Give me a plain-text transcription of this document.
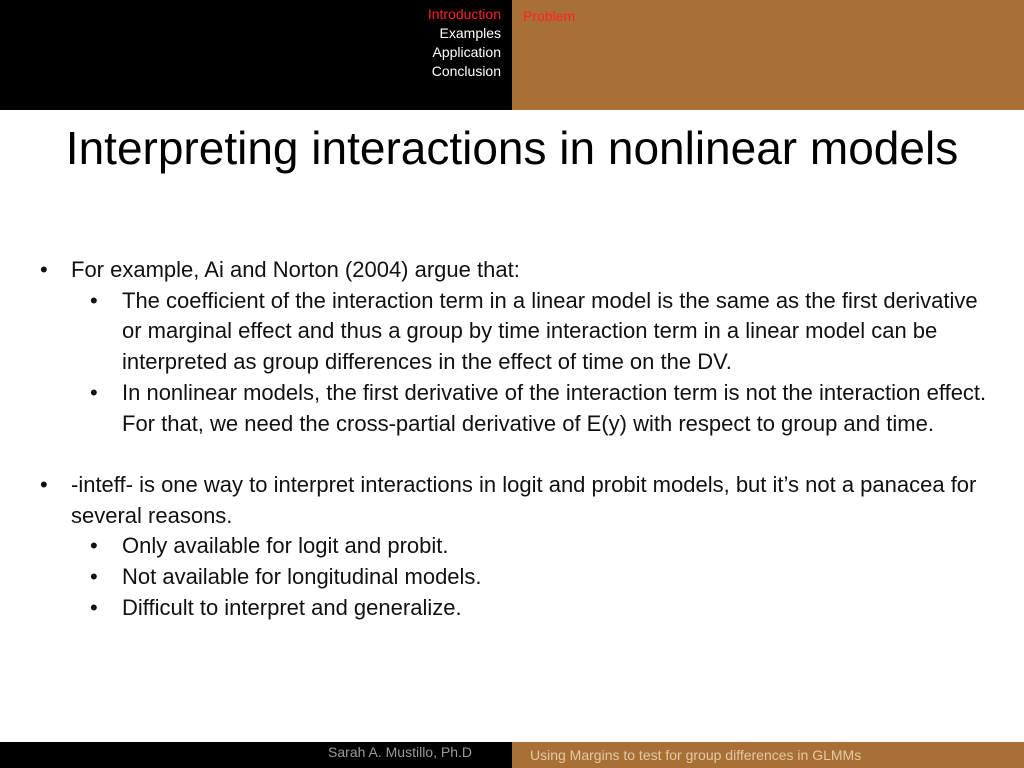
Introduction
Examples
Application
Conclusion
Problem
Interpreting interactions in nonlinear models
• For example, Ai and Norton (2004) argue that:
• The coefficient of the interaction term in a linear model is the same as the first derivative or marginal effect and thus a group by time interaction term in a linear model can be interpreted as group differences in the effect of time on the DV.
• In nonlinear models, the first derivative of the interaction term is not the interaction effect. For that, we need the cross-partial derivative of E(y) with respect to group and time.
• -inteff- is one way to interpret interactions in logit and probit models, but it’s not a panacea for several reasons.
• Only available for logit and probit.
• Not available for longitudinal models.
• Difficult to interpret and generalize.
Sarah A. Mustillo, Ph.D	Using Margins to test for group differences in GLMMs
